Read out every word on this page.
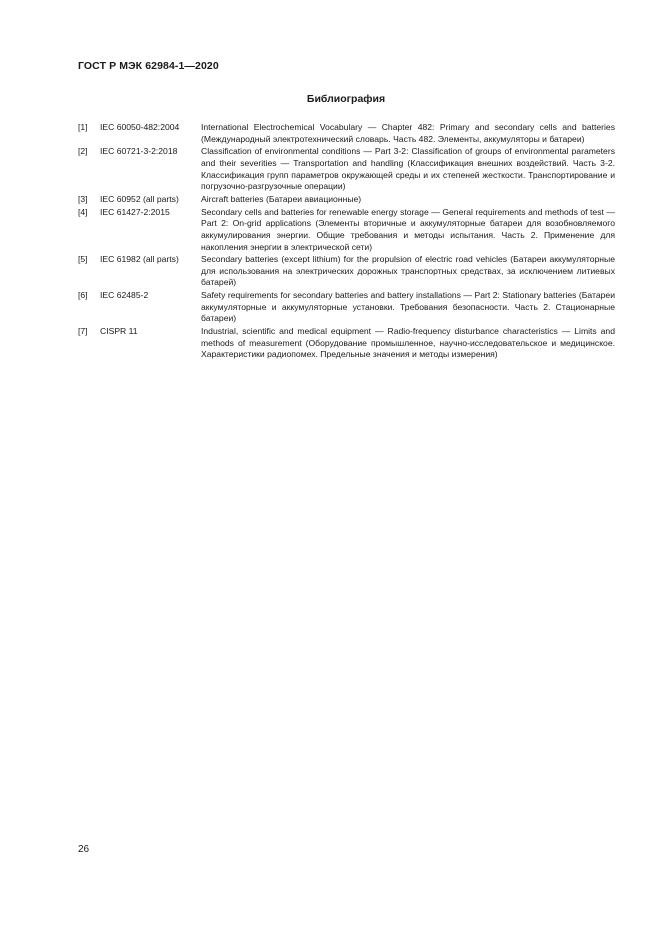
ГОСТ Р МЭК 62984-1—2020
Библиография
[1]	IEC 60050-482:2004	International Electrochemical Vocabulary — Chapter 482: Primary and secondary cells and batteries (Международный электротехнический словарь. Часть 482. Элементы, аккумуляторы и батареи)
[2]	IEC 60721-3-2:2018	Classification of environmental conditions — Part 3-2: Classification of groups of environmental parameters and their severities — Transportation and handling (Классификация внешних воздействий. Часть 3-2. Классификация групп параметров окружающей среды и их степеней жесткости. Транспортирование и погрузочно-разгрузочные операции)
[3]	IEC 60952 (all parts)	Aircraft batteries (Батареи авиационные)
[4]	IEC 61427-2:2015	Secondary cells and batteries for renewable energy storage — General requirements and methods of test — Part 2: On-grid applications (Элементы вторичные и аккумуляторные батареи для возобновляемого аккумулирования энергии. Общие требования и методы испытания. Часть 2. Применение для накопления энергии в электрической сети)
[5]	IEC 61982 (all parts)	Secondary batteries (except lithium) for the propulsion of electric road vehicles (Батареи аккумуляторные для использования на электрических дорожных транспортных средствах, за исключением литиевых батарей)
[6]	IEC 62485-2	Safety requirements for secondary batteries and battery installations — Part 2: Stationary batteries (Батареи аккумуляторные и аккумуляторные установки. Требования безопасности. Часть 2. Стационарные батареи)
[7]	CISPR 11	Industrial, scientific and medical equipment — Radio-frequency disturbance characteristics — Limits and methods of measurement (Оборудование промышленное, научно-исследовательское и медицинское. Характеристики радиопомех. Предельные значения и методы измерения)
26
